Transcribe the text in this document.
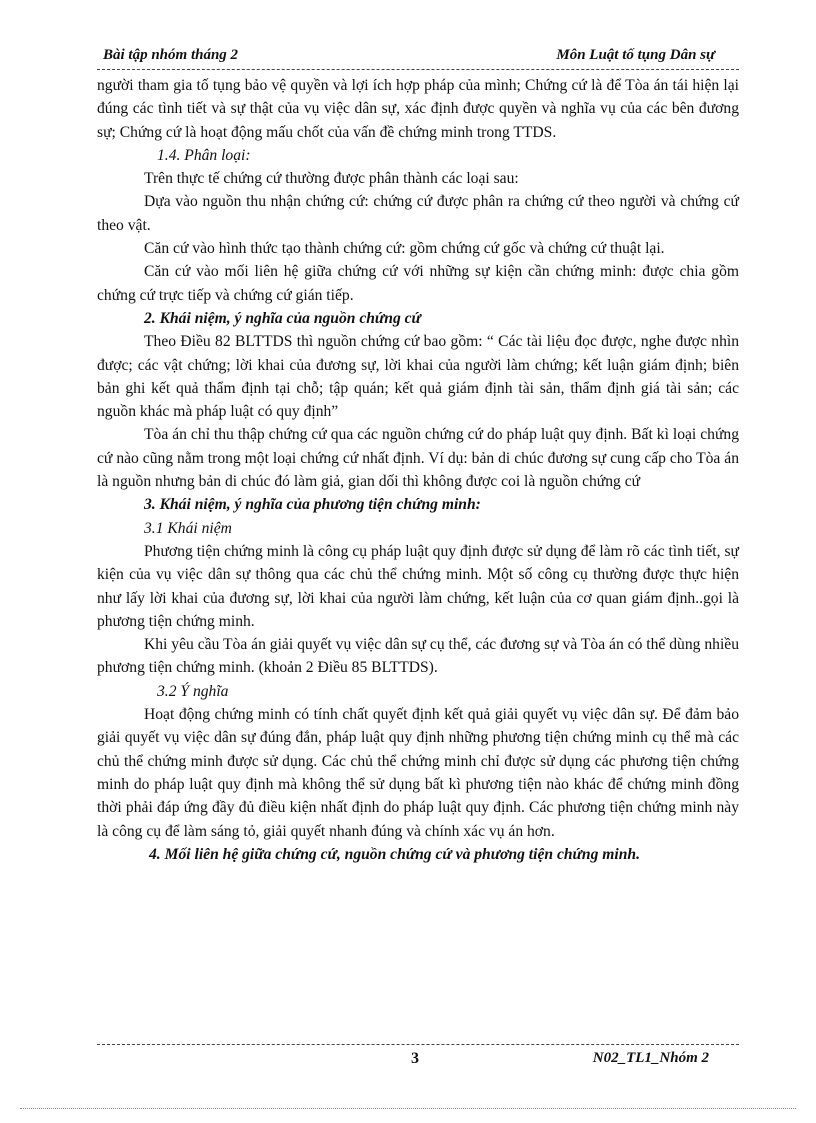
Bài tập nhóm tháng 2	Môn Luật tố tụng Dân sự

người tham gia tố tụng bảo vệ quyền và lợi ích hợp pháp của mình; Chứng cứ là để Tòa án tái hiện lại đúng các tình tiết và sự thật của vụ việc dân sự, xác định được quyền và nghĩa vụ của các bên đương sự; Chứng cứ là hoạt động mấu chốt của vấn đề chứng minh trong TTDS.

1.4. Phân loại:

Trên thực tế chứng cứ thường được phân thành các loại sau:

Dựa vào nguồn thu nhận chứng cứ: chứng cứ được phân ra chứng cứ theo người và chứng cứ theo vật.

Căn cứ vào hình thức tạo thành chứng cứ: gồm chứng cứ gốc và chứng cứ thuật lại.

Căn cứ vào mối liên hệ giữa chứng cứ với những sự kiện cần chứng minh: được chia gồm chứng cứ trực tiếp và chứng cứ gián tiếp.

2. Khái niệm, ý nghĩa của nguồn chứng cứ

Theo Điều 82 BLTTDS thì nguồn chứng cứ bao gồm: “ Các tài liệu đọc được, nghe được nhìn được; các vật chứng; lời khai của đương sự, lời khai của người làm chứng; kết luận giám định; biên bản ghi kết quả thẩm định tại chỗ; tập quán; kết quả giám định tài sản, thẩm định giá tài sản; các nguồn khác mà pháp luật có quy định”

Tòa án chỉ thu thập chứng cứ qua các nguồn chứng cứ do pháp luật quy định. Bất kì loại chứng cứ nào cũng nằm trong một loại chứng cứ nhất định. Ví dụ: bản di chúc đương sự cung cấp cho Tòa án là nguồn nhưng bản di chúc đó làm giả, gian dối thì không được coi là nguồn chứng cứ

3. Khái niệm, ý nghĩa của phương tiện chứng minh:

3.1 Khái niệm

Phương tiện chứng minh là công cụ pháp luật quy định được sử dụng để làm rõ các tình tiết, sự kiện của vụ việc dân sự thông qua các chủ thể chứng minh. Một số công cụ thường được thực hiện như lấy lời khai của đương sự, lời khai của người làm chứng, kết luận của cơ quan giám định..gọi là phương tiện chứng minh.

Khi yêu cầu Tòa án giải quyết vụ việc dân sự cụ thể, các đương sự và Tòa án có thể dùng nhiều phương tiện chứng minh. (khoản 2 Điều 85 BLTTDS).

3.2 Ý nghĩa

Hoạt động chứng minh có tính chất quyết định kết quả giải quyết vụ việc dân sự. Để đảm bảo giải quyết vụ việc dân sự đúng đắn, pháp luật quy định những phương tiện chứng minh cụ thể mà các chủ thể chứng minh được sử dụng. Các chủ thể chứng minh chỉ được sử dụng các phương tiện chứng minh do pháp luật quy định mà không thể sử dụng bất kì phương tiện nào khác để chứng minh đồng thời phải đáp ứng đầy đủ điều kiện nhất định do pháp luật quy định. Các phương tiện chứng minh này là công cụ để làm sáng tỏ, giải quyết nhanh đúng và chính xác vụ án hơn.

4. Mối liên hệ giữa chứng cứ, nguồn chứng cứ và phương tiện chứng minh.

3	N02_TL1_Nhóm 2
